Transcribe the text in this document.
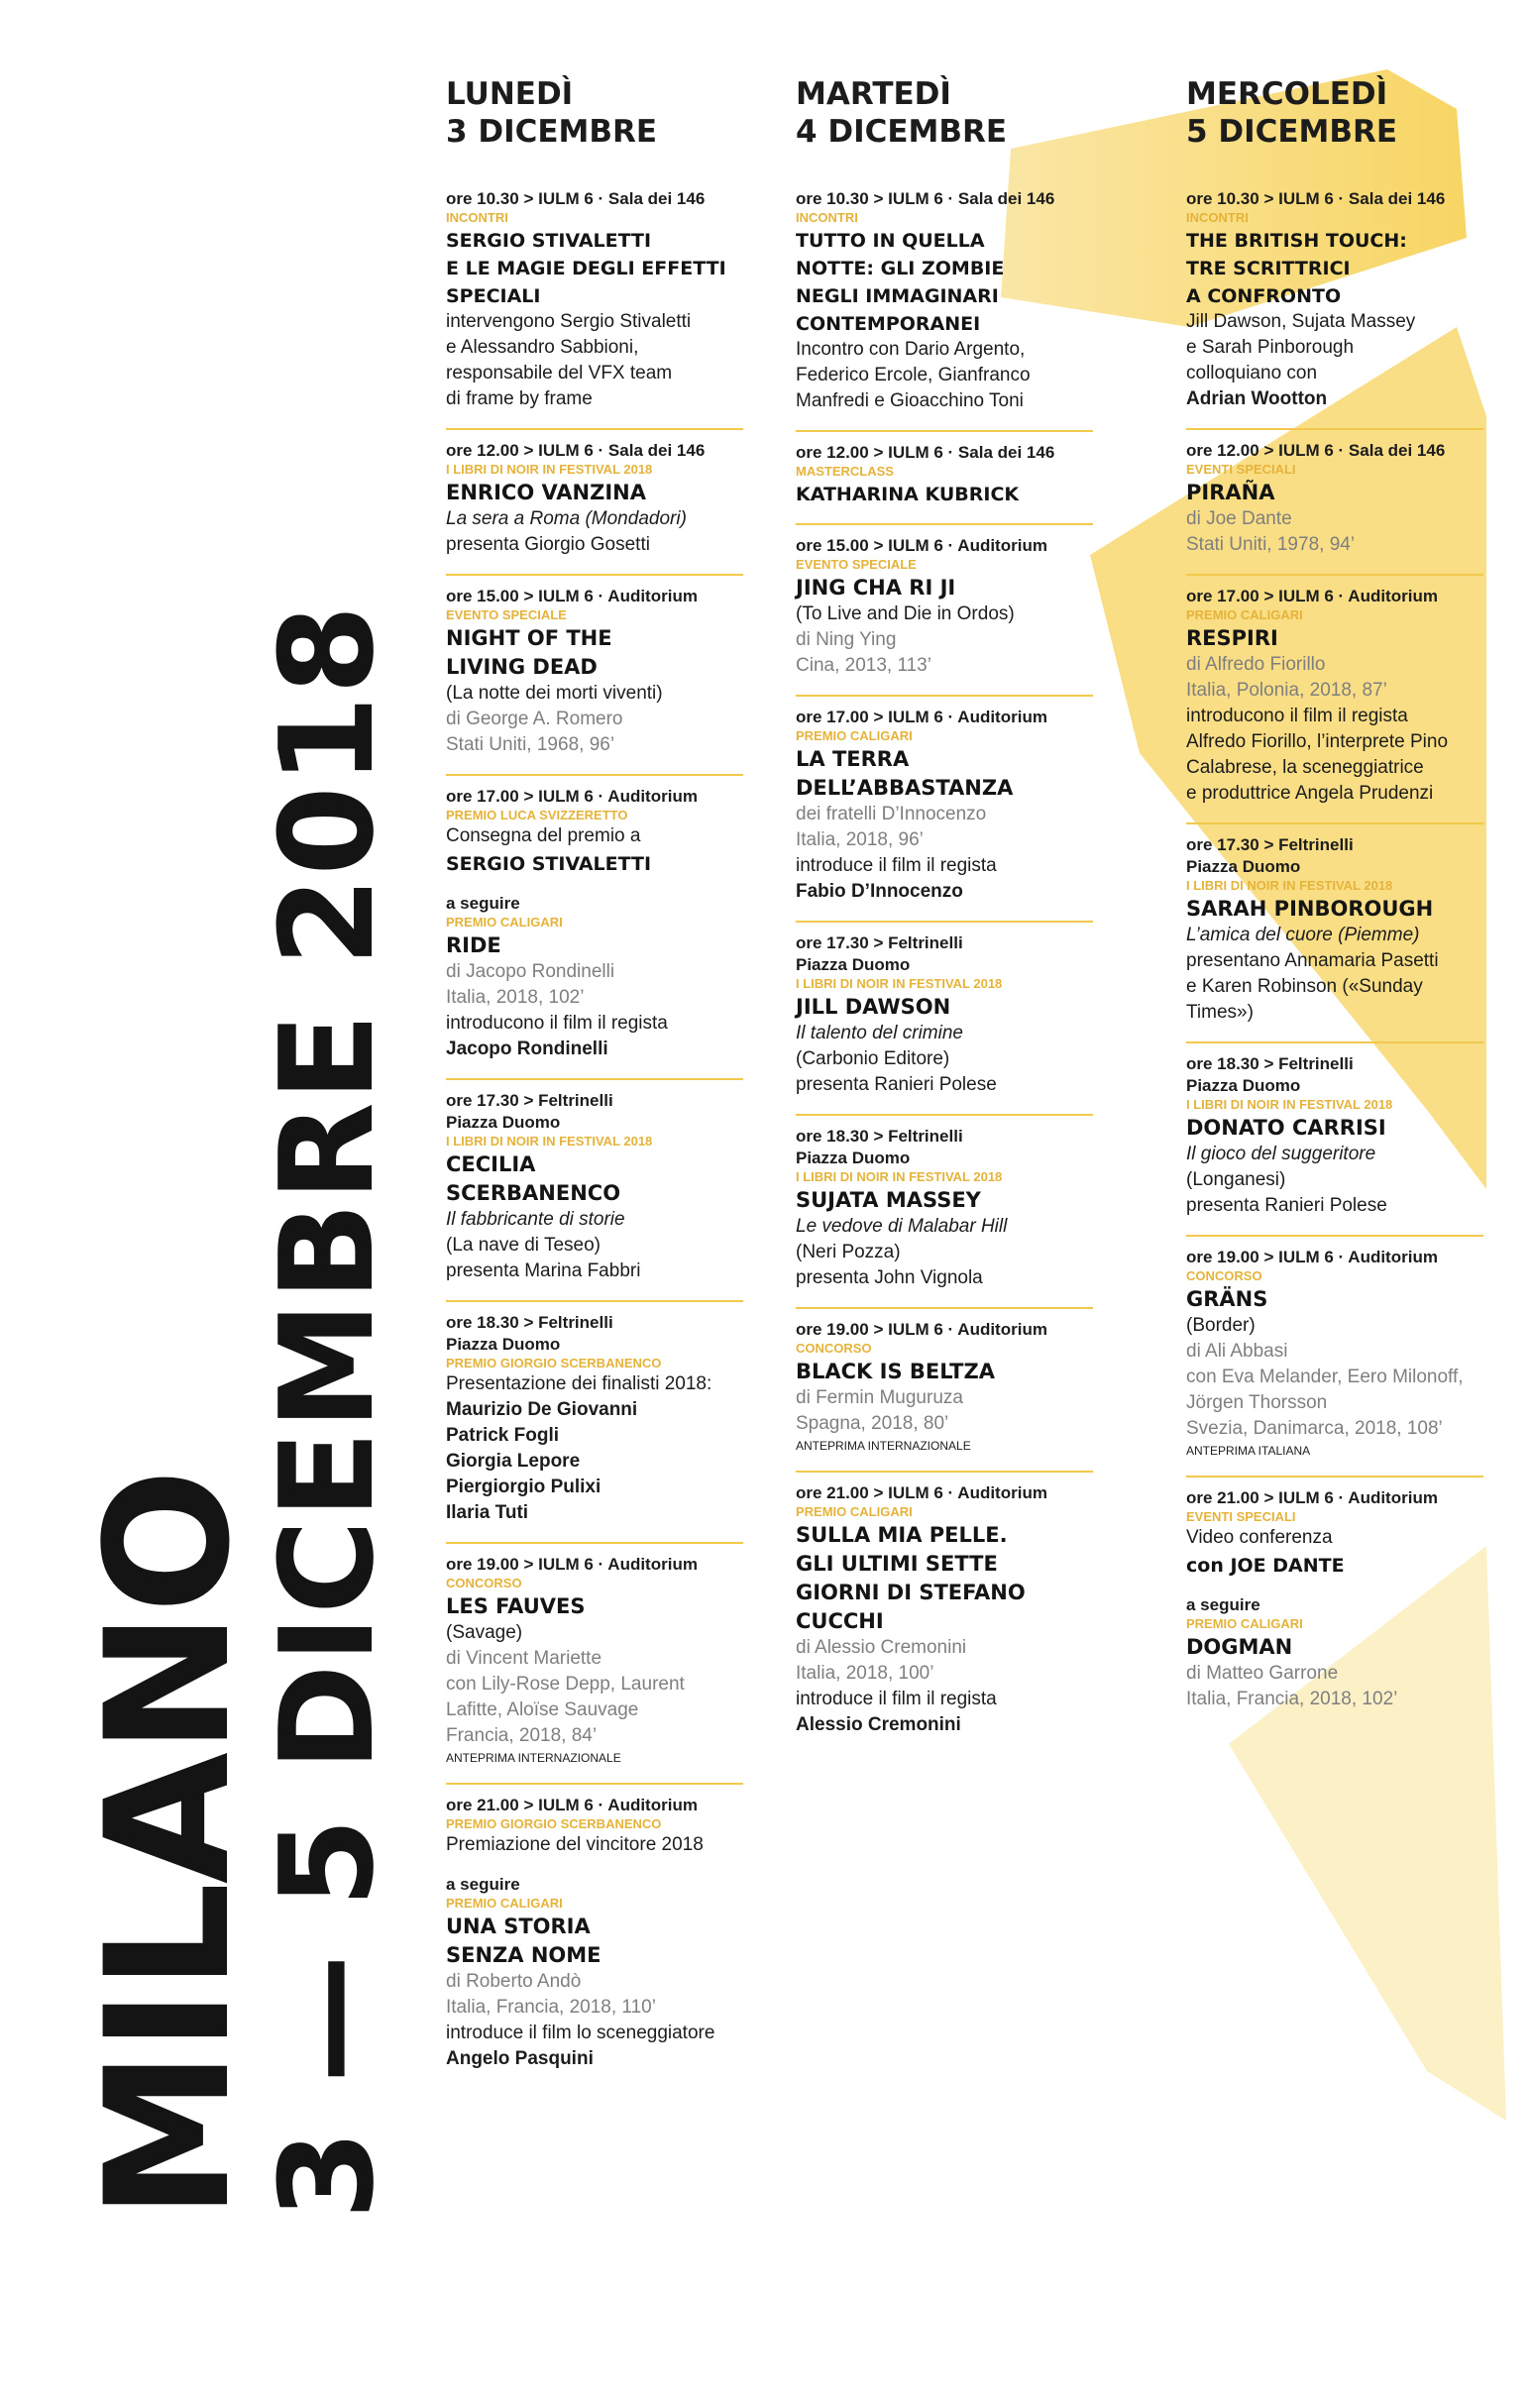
MILANO
3 — 5 DICEMBRE 2018
LUNEDÌ
3 DICEMBRE
ore 10.30 > IULM 6 · Sala dei 146
INCONTRI
SERGIO STIVALETTI
E LE MAGIE DEGLI EFFETTI
SPECIALI
intervengono Sergio Stivaletti
e Alessandro Sabbioni,
responsabile del VFX team
di frame by frame
ore 12.00 > IULM 6 · Sala dei 146
I LIBRI DI NOIR IN FESTIVAL 2018
ENRICO VANZINA
La sera a Roma (Mondadori)
presenta Giorgio Gosetti
ore 15.00 > IULM 6 · Auditorium
EVENTO SPECIALE
NIGHT OF THE
LIVING DEAD
(La notte dei morti viventi)
di George A. Romero
Stati Uniti, 1968, 96’
ore 17.00 > IULM 6 · Auditorium
PREMIO LUCA SVIZZERETTO
Consegna del premio a
SERGIO STIVALETTI
a seguire
PREMIO CALIGARI
RIDE
di Jacopo Rondinelli
Italia, 2018, 102’
introducono il film il regista
Jacopo Rondinelli
ore 17.30 > Feltrinelli
Piazza Duomo
I LIBRI DI NOIR IN FESTIVAL 2018
CECILIA
SCERBANENCO
Il fabbricante di storie
(La nave di Teseo)
presenta Marina Fabbri
ore 18.30 > Feltrinelli
Piazza Duomo
PREMIO GIORGIO SCERBANENCO
Presentazione dei finalisti 2018:
Maurizio De Giovanni
Patrick Fogli
Giorgia Lepore
Piergiorgio Pulixi
Ilaria Tuti
ore 19.00 > IULM 6 · Auditorium
CONCORSO
LES FAUVES
(Savage)
di Vincent Mariette
con Lily-Rose Depp, Laurent
Lafitte, Aloïse Sauvage
Francia, 2018, 84’
ANTEPRIMA INTERNAZIONALE
ore 21.00 > IULM 6 · Auditorium
PREMIO GIORGIO SCERBANENCO
Premiazione del vincitore 2018
a seguire
PREMIO CALIGARI
UNA STORIA
SENZA NOME
di Roberto Andò
Italia, Francia, 2018, 110’
introduce il film lo sceneggiatore
Angelo Pasquini
MARTEDÌ
4 DICEMBRE
ore 10.30 > IULM 6 · Sala dei 146
INCONTRI
TUTTO IN QUELLA
NOTTE: GLI ZOMBIE
NEGLI IMMAGINARI
CONTEMPORANEI
Incontro con Dario Argento,
Federico Ercole, Gianfranco
Manfredi e Gioacchino Toni
ore 12.00 > IULM 6 · Sala dei 146
MASTERCLASS
KATHARINA KUBRICK
ore 15.00 > IULM 6 · Auditorium
EVENTO SPECIALE
JING CHA RI JI
(To Live and Die in Ordos)
di Ning Ying
Cina, 2013, 113’
ore 17.00 > IULM 6 · Auditorium
PREMIO CALIGARI
LA TERRA
DELL’ABBASTANZA
dei fratelli D’Innocenzo
Italia, 2018, 96’
introduce il film il regista
Fabio D’Innocenzo
ore 17.30 > Feltrinelli
Piazza Duomo
I LIBRI DI NOIR IN FESTIVAL 2018
JILL DAWSON
Il talento del crimine
(Carbonio Editore)
presenta Ranieri Polese
ore 18.30 > Feltrinelli
Piazza Duomo
I LIBRI DI NOIR IN FESTIVAL 2018
SUJATA MASSEY
Le vedove di Malabar Hill
(Neri Pozza)
presenta John Vignola
ore 19.00 > IULM 6 · Auditorium
CONCORSO
BLACK IS BELTZA
di Fermin Muguruza
Spagna, 2018, 80’
ANTEPRIMA INTERNAZIONALE
ore 21.00 > IULM 6 · Auditorium
PREMIO CALIGARI
SULLA MIA PELLE.
GLI ULTIMI SETTE
GIORNI DI STEFANO
CUCCHI
di Alessio Cremonini
Italia, 2018, 100’
introduce il film il regista
Alessio Cremonini
MERCOLEDÌ
5 DICEMBRE
ore 10.30 > IULM 6 · Sala dei 146
INCONTRI
THE BRITISH TOUCH:
TRE SCRITTRICI
A CONFRONTO
Jill Dawson, Sujata Massey
e Sarah Pinborough
colloquiano con
Adrian Wootton
ore 12.00 > IULM 6 · Sala dei 146
EVENTI SPECIALI
PIRAÑA
di Joe Dante
Stati Uniti, 1978, 94’
ore 17.00 > IULM 6 · Auditorium
PREMIO CALIGARI
RESPIRI
di Alfredo Fiorillo
Italia, Polonia, 2018, 87’
introducono il film il regista
Alfredo Fiorillo, l’interprete Pino
Calabrese, la sceneggiatrice
e produttrice Angela Prudenzi
ore 17.30 > Feltrinelli
Piazza Duomo
I LIBRI DI NOIR IN FESTIVAL 2018
SARAH PINBOROUGH
L’amica del cuore (Piemme)
presentano Annamaria Pasetti
e Karen Robinson («Sunday
Times»)
ore 18.30 > Feltrinelli
Piazza Duomo
I LIBRI DI NOIR IN FESTIVAL 2018
DONATO CARRISI
Il gioco del suggeritore
(Longanesi)
presenta Ranieri Polese
ore 19.00 > IULM 6 · Auditorium
CONCORSO
GRÄNS
(Border)
di Ali Abbasi
con Eva Melander, Eero Milonoff,
Jörgen Thorsson
Svezia, Danimarca, 2018, 108’
ANTEPRIMA ITALIANA
ore 21.00 > IULM 6 · Auditorium
EVENTI SPECIALI
Video conferenza
con JOE DANTE
a seguire
PREMIO CALIGARI
DOGMAN
di Matteo Garrone
Italia, Francia, 2018, 102’
